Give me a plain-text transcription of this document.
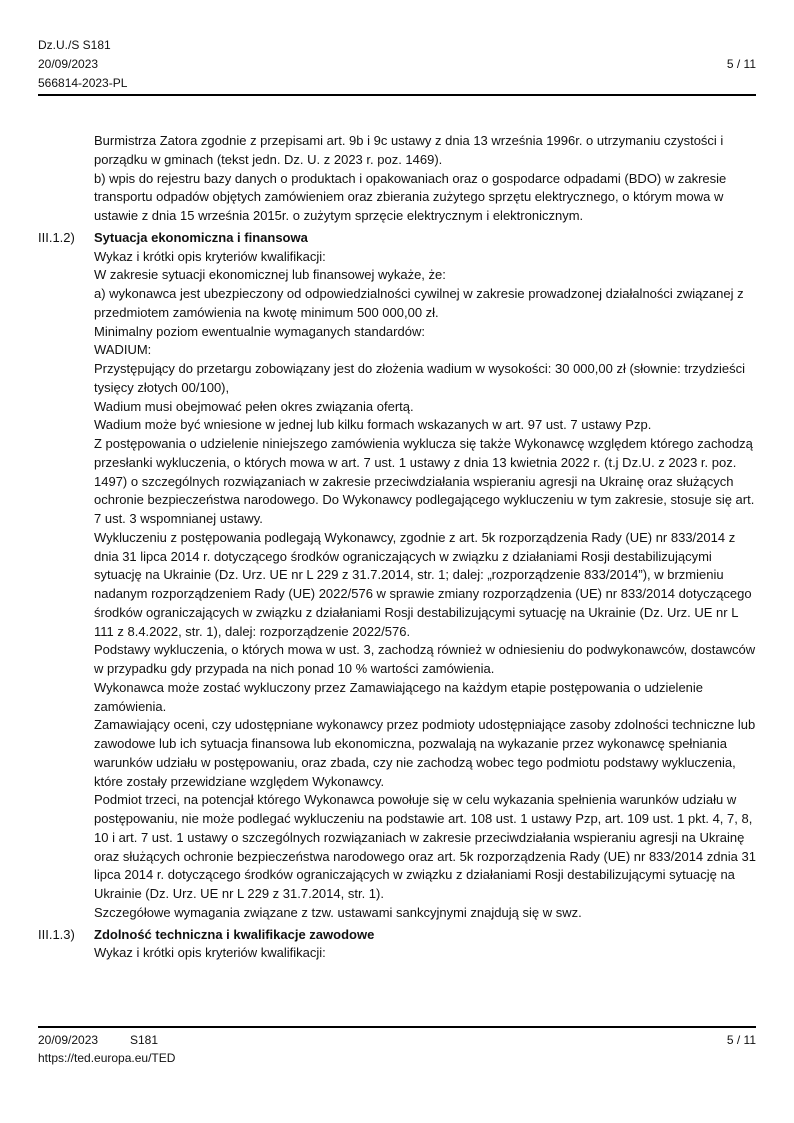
Dz.U./S S181
20/09/2023
566814-2023-PL
5 / 11
Burmistrza Zatora zgodnie z przepisami art. 9b i 9c ustawy z dnia 13 września 1996r. o utrzymaniu czystości i porządku w gminach (tekst jedn. Dz. U. z 2023 r. poz. 1469).
b) wpis do rejestru bazy danych o produktach i opakowaniach oraz o gospodarce odpadami (BDO) w zakresie transportu odpadów objętych zamówieniem oraz zbierania zużytego sprzętu elektrycznego, o którym mowa w ustawie z dnia 15 września 2015r. o zużytym sprzęcie elektrycznym i elektronicznym.
III.1.2)	Sytuacja ekonomiczna i finansowa
Wykaz i krótki opis kryteriów kwalifikacji:
W zakresie sytuacji ekonomicznej lub finansowej wykaże, że:
a) wykonawca jest ubezpieczony od odpowiedzialności cywilnej w zakresie prowadzonej działalności związanej z przedmiotem zamówienia na kwotę minimum 500 000,00 zł.
Minimalny poziom ewentualnie wymaganych standardów:
WADIUM:
Przystępujący do przetargu zobowiązany jest do złożenia wadium w wysokości: 30 000,00 zł (słownie: trzydzieści tysięcy złotych 00/100),
Wadium musi obejmować pełen okres związania ofertą.
Wadium może być wniesione w jednej lub kilku formach wskazanych w art. 97 ust. 7 ustawy Pzp.
Z postępowania o udzielenie niniejszego zamówienia wyklucza się także Wykonawcę względem którego zachodzą przesłanki wykluczenia, o których mowa w art. 7 ust. 1 ustawy z dnia 13 kwietnia 2022 r. (t.j Dz.U. z 2023 r. poz. 1497) o szczególnych rozwiązaniach w zakresie przeciwdziałania wspieraniu agresji na Ukrainę oraz służących ochronie bezpieczeństwa narodowego. Do Wykonawcy podlegającego wykluczeniu w tym zakresie, stosuje się art. 7 ust. 3 wspomnianej ustawy.
Wykluczeniu z postępowania podlegają Wykonawcy, zgodnie z art. 5k rozporządzenia Rady (UE) nr 833/2014 z dnia 31 lipca 2014 r. dotyczącego środków ograniczających w związku z działaniami Rosji destabilizującymi sytuację na Ukrainie (Dz. Urz. UE nr L 229 z 31.7.2014, str. 1; dalej: „rozporządzenie 833/2014”), w brzmieniu nadanym rozporządzeniem Rady (UE) 2022/576 w sprawie zmiany rozporządzenia (UE) nr 833/2014 dotyczącego środków ograniczających w związku z działaniami Rosji destabilizującymi sytuację na Ukrainie (Dz. Urz. UE nr L 111 z 8.4.2022, str. 1), dalej: rozporządzenie 2022/576.
Podstawy wykluczenia, o których mowa w ust. 3, zachodzą również w odniesieniu do podwykonawców, dostawców w przypadku gdy przypada na nich ponad 10 % wartości zamówienia.
Wykonawca może zostać wykluczony przez Zamawiającego na każdym etapie postępowania o udzielenie zamówienia.
Zamawiający oceni, czy udostępniane wykonawcy przez podmioty udostępniające zasoby zdolności techniczne lub zawodowe lub ich sytuacja finansowa lub ekonomiczna, pozwalają na wykazanie przez wykonawcę spełniania warunków udziału w postępowaniu, oraz zbada, czy nie zachodzą wobec tego podmiotu podstawy wykluczenia, które zostały przewidziane względem Wykonawcy.
Podmiot trzeci, na potencjał którego Wykonawca powołuje się w celu wykazania spełnienia warunków udziału w postępowaniu, nie może podlegać wykluczeniu na podstawie art. 108 ust. 1 ustawy Pzp, art. 109 ust. 1 pkt. 4, 7, 8, 10 i art. 7 ust. 1 ustawy o szczególnych rozwiązaniach w zakresie przeciwdziałania wspieraniu agresji na Ukrainę oraz służących ochronie bezpieczeństwa narodowego oraz art. 5k rozporządzenia Rady (UE) nr 833/2014 zdnia 31 lipca 2014 r. dotyczącego środków ograniczających w związku z działaniami Rosji destabilizującymi sytuację na Ukrainie (Dz. Urz. UE nr L 229 z 31.7.2014, str. 1).
Szczegółowe wymagania związane z tzw. ustawami sankcyjnymi znajdują się w swz.
III.1.3)	Zdolność techniczna i kwalifikacje zawodowe
Wykaz i krótki opis kryteriów kwalifikacji:
20/09/2023	S181
https://ted.europa.eu/TED
5 / 11
